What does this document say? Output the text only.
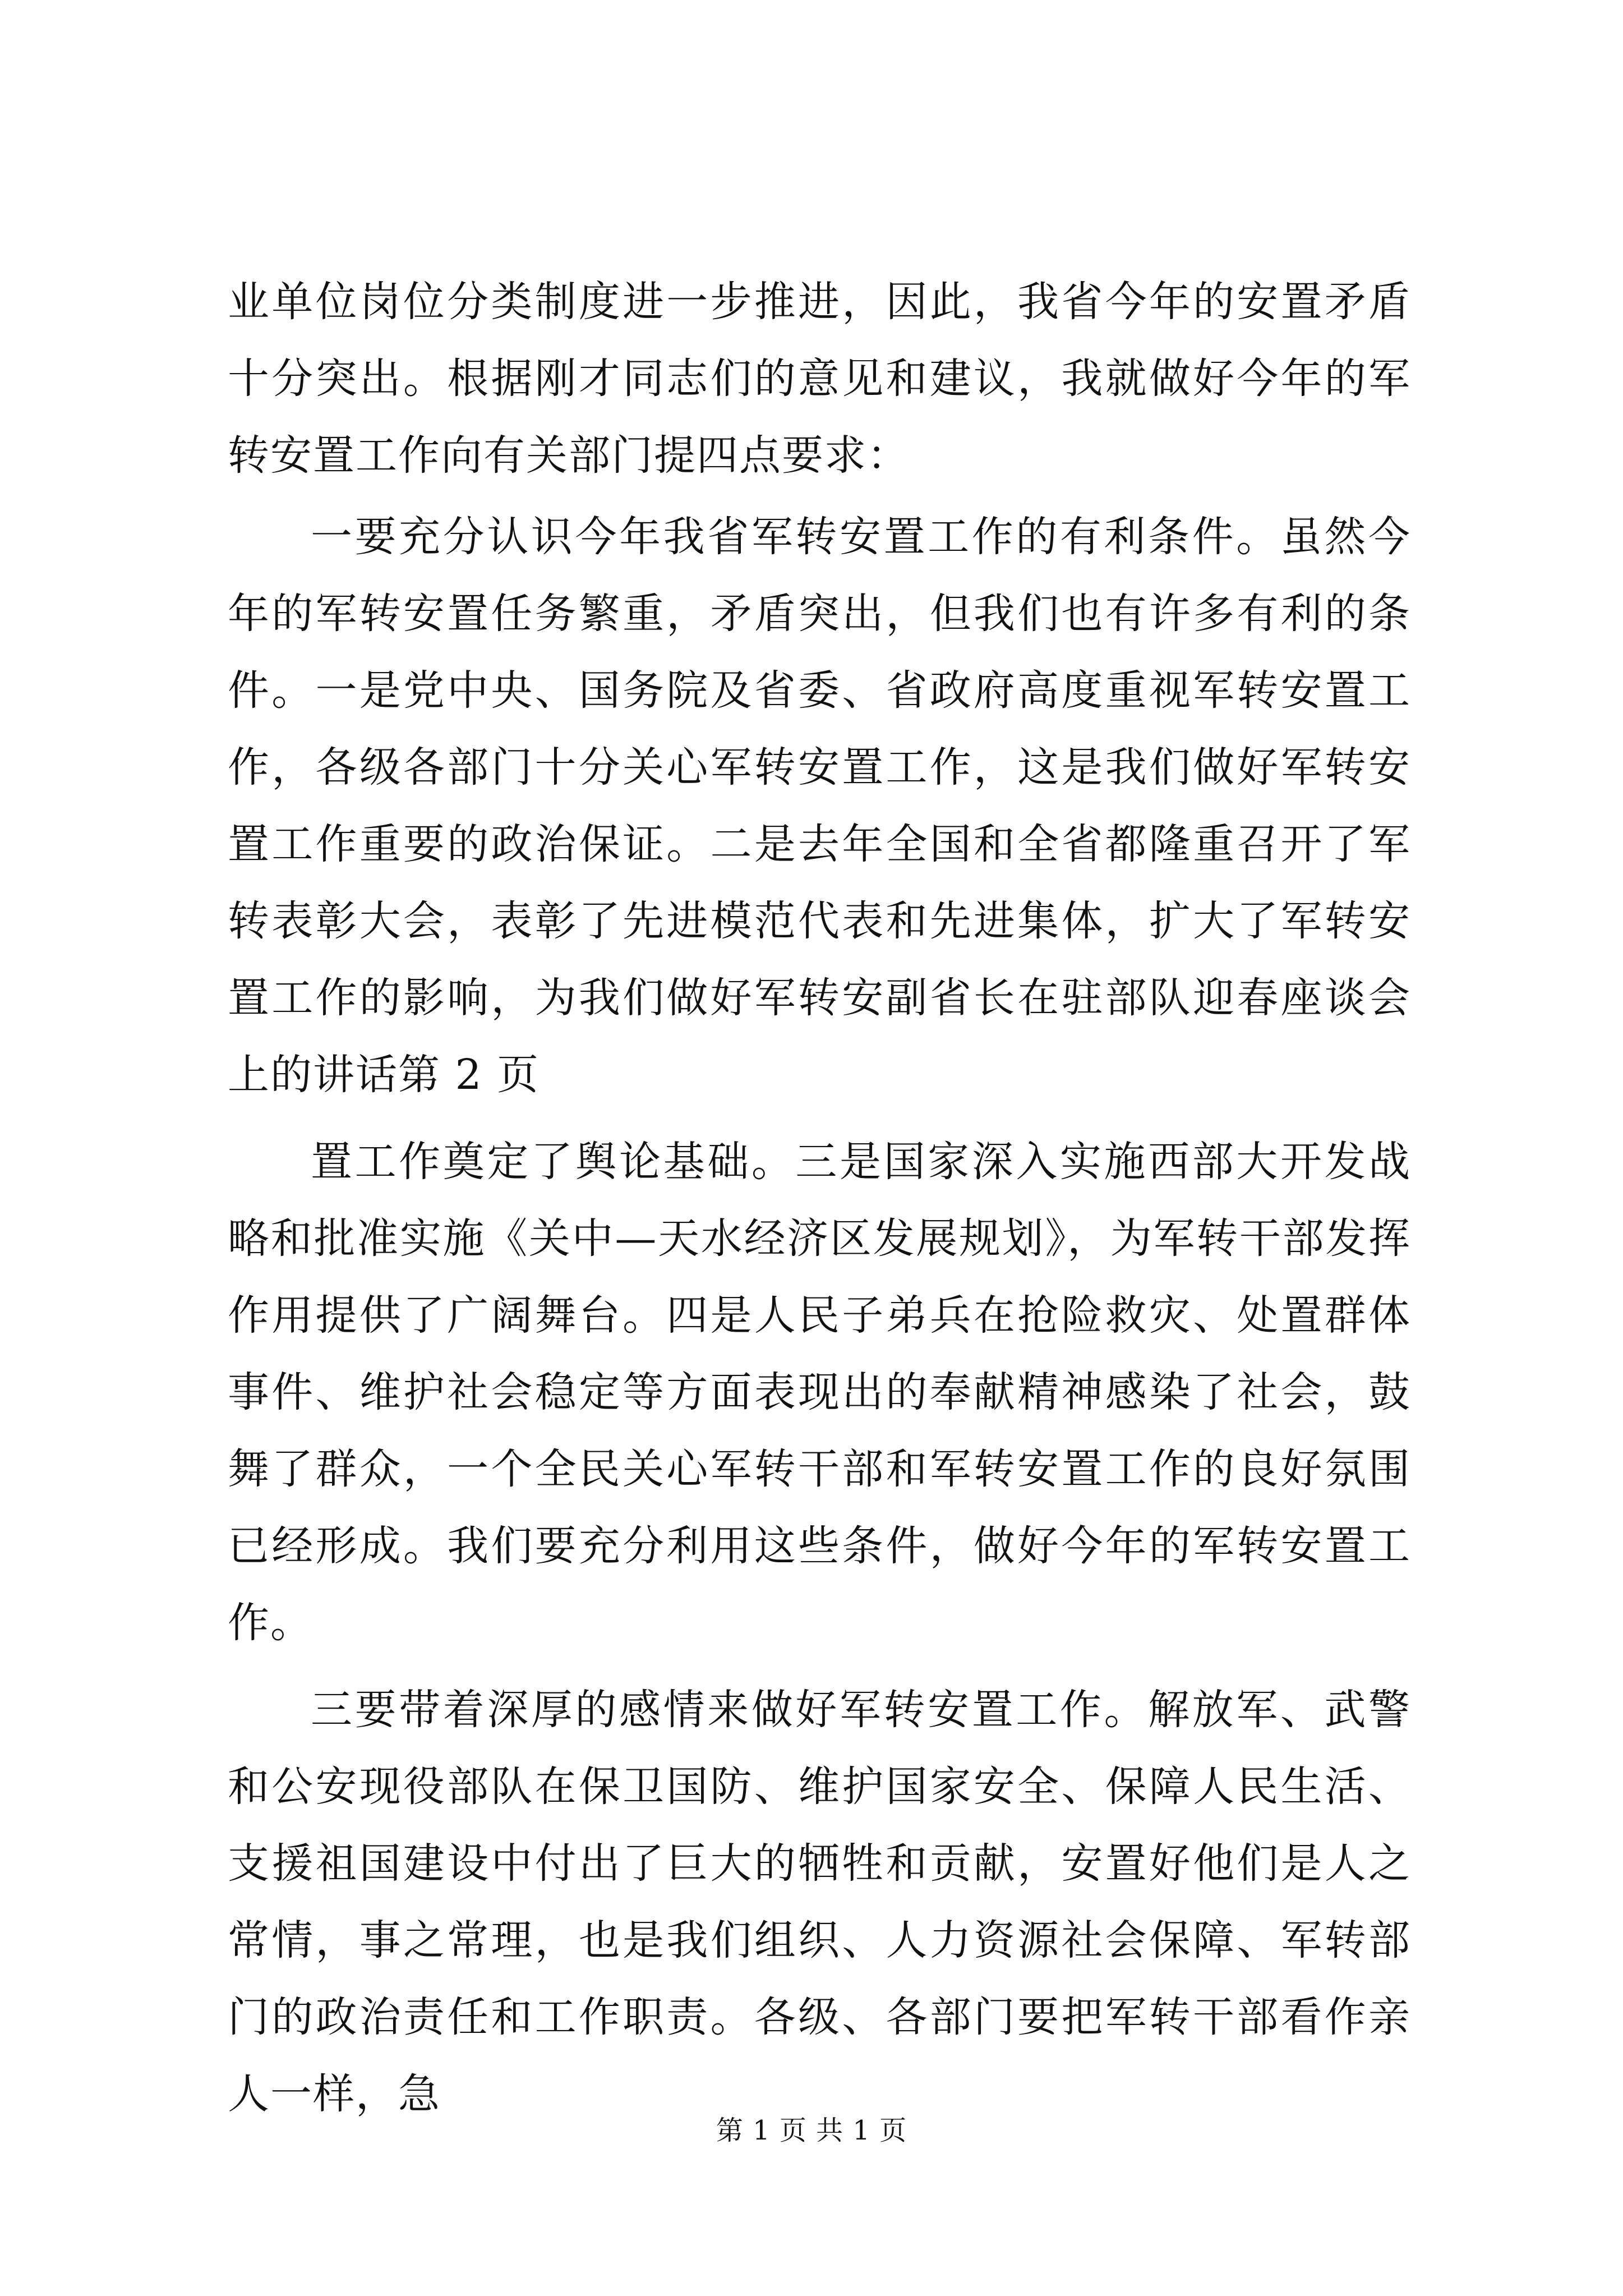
业单位岗位分类制度进一步推进，因此，我省今年的安置矛盾十分突出。根据刚才同志们的意见和建议，我就做好今年的军转安置工作向有关部门提四点要求：

一要充分认识今年我省军转安置工作的有利条件。虽然今年的军转安置任务繁重，矛盾突出，但我们也有许多有利的条件。一是党中央、国务院及省委、省政府高度重视军转安置工作，各级各部门十分关心军转安置工作，这是我们做好军转安置工作重要的政治保证。二是去年全国和全省都隆重召开了军转表彰大会，表彰了先进模范代表和先进集体，扩大了军转安置工作的影响，为我们做好军转安副省长在驻部队迎春座谈会上的讲话第 2 页

置工作奠定了舆论基础。三是国家深入实施西部大开发战略和批准实施《关中—天水经济区发展规划》，为军转干部发挥作用提供了广阔舞台。四是人民子弟兵在抢险救灾、处置群体事件、维护社会稳定等方面表现出的奉献精神感染了社会，鼓舞了群众，一个全民关心军转干部和军转安置工作的良好氛围已经形成。我们要充分利用这些条件，做好今年的军转安置工作。

三要带着深厚的感情来做好军转安置工作。解放军、武警和公安现役部队在保卫国防、维护国家安全、保障人民生活、支援祖国建设中付出了巨大的牺牲和贡献，安置好他们是人之常情，事之常理，也是我们组织、人力资源社会保障、军转部门的政治责任和工作职责。各级、各部门要把军转干部看作亲人一样，急

第 1 页 共 1 页
